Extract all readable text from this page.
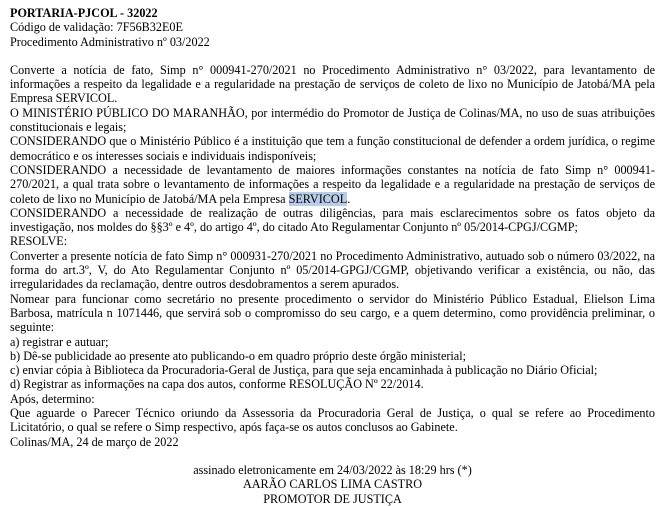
PORTARIA-PJCOL - 32022
Código de validação: 7F56B32E0E
Procedimento Administrativo nº 03/2022

Converte a notícia de fato, Simp n° 000941-270/2021 no Procedimento Administrativo n° 03/2022, para levantamento de informações a respeito da legalidade e a regularidade na prestação de serviços de coleto de lixo no Município de Jatobá/MA pela Empresa SERVICOL.

O MINISTÉRIO PÚBLICO DO MARANHÃO, por intermédio do Promotor de Justiça de Colinas/MA, no uso de suas atribuições constitucionais e legais;

CONSIDERANDO que o Ministério Público é a instituição que tem a função constitucional de defender a ordem jurídica, o regime democrático e os interesses sociais e individuais indisponíveis;

CONSIDERANDO a necessidade de levantamento de maiores informações constantes na notícia de fato Simp n° 000941-270/2021, a qual trata sobre o levantamento de informações a respeito da legalidade e a regularidade na prestação de serviços de coleto de lixo no Município de Jatobá/MA pela Empresa SERVICOL.

CONSIDERANDO a necessidade de realização de outras diligências, para mais esclarecimentos sobre os fatos objeto da investigação, nos moldes do §§3º e 4º, do artigo 4º, do citado Ato Regulamentar Conjunto nº 05/2014-CPGJ/CGMP;

RESOLVE:

Converter a presente notícia de fato Simp n° 000931-270/2021 no Procedimento Administrativo, autuado sob o número 03/2022, na forma do art.3º, V, do Ato Regulamentar Conjunto nº 05/2014-GPGJ/CGMP, objetivando verificar a existência, ou não, das irregularidades da reclamação, dentre outros desdobramentos a serem apurados.

Nomear para funcionar como secretário no presente procedimento o servidor do Ministério Público Estadual, Elielson Lima Barbosa, matrícula n 1071446, que servirá sob o compromisso do seu cargo, e a quem determino, como providência preliminar, o seguinte:

a) registrar e autuar;

b) Dê-se publicidade ao presente ato publicando-o em quadro próprio deste órgão ministerial;

c) enviar cópia à Biblioteca da Procuradoria-Geral de Justiça, para que seja encaminhada à publicação no Diário Oficial;

d) Registrar as informações na capa dos autos, conforme RESOLUÇÃO Nº 22/2014.

Após, determino:

Que aguarde o Parecer Técnico oriundo da Assessoria da Procuradoria Geral de Justiça, o qual se refere ao Procedimento Licitatório, o qual se refere o Simp respectivo, após faça-se os autos conclusos ao Gabinete.

Colinas/MA, 24 de março de 2022

assinado eletronicamente em 24/03/2022 às 18:29 hrs (*)
AARÃO CARLOS LIMA CASTRO
PROMOTOR DE JUSTIÇA
